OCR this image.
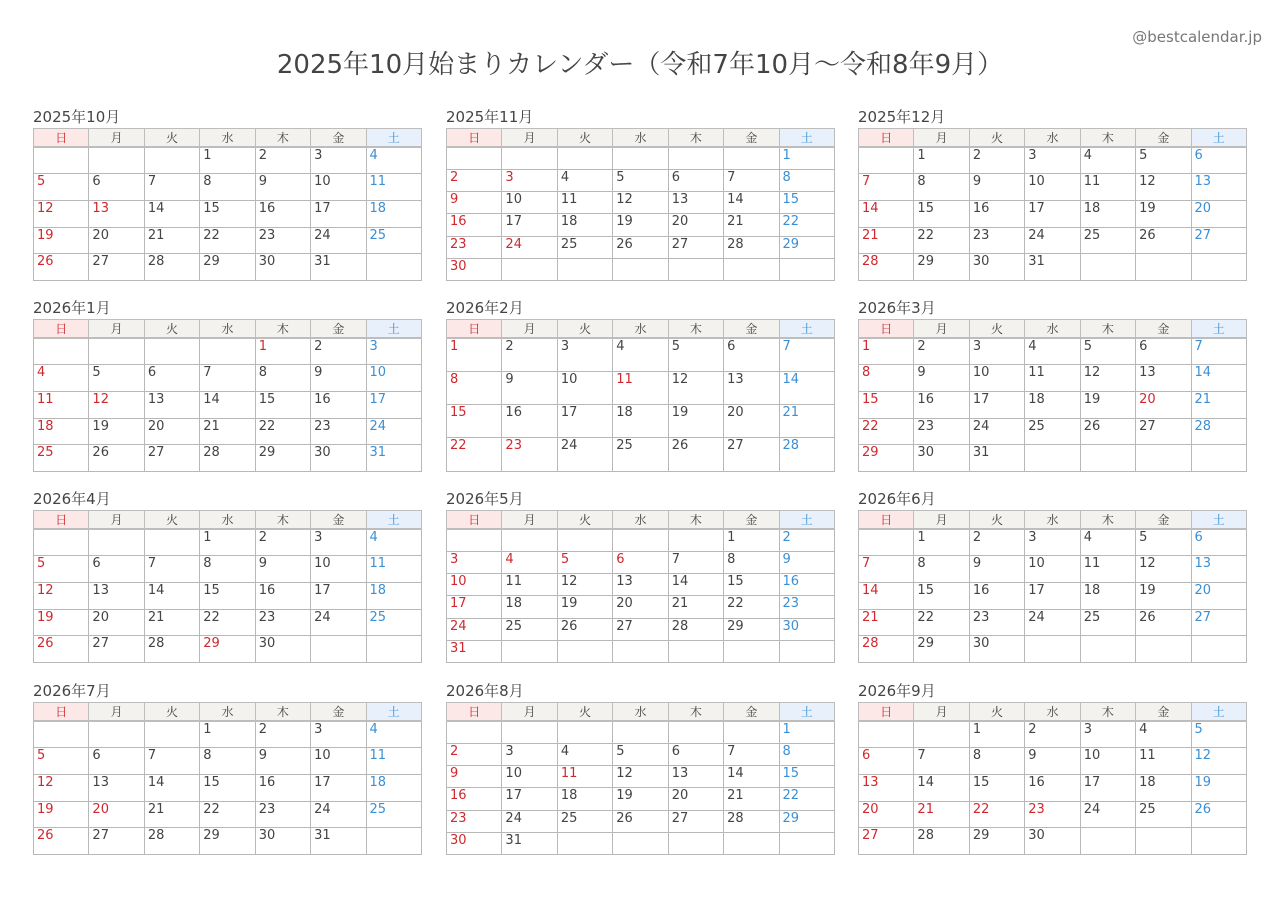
2025年10月始まりカレンダー（令和7年10月～令和8年9月）
@bestcalendar.jp
2025年10月
日	月	火	水	木	金	土
			1	2	3	4
5	6	7	8	9	10	11
12	13	14	15	16	17	18
19	20	21	22	23	24	25
26	27	28	29	30	31	
2025年11月
日	月	火	水	木	金	土
						1
2	3	4	5	6	7	8
9	10	11	12	13	14	15
16	17	18	19	20	21	22
23	24	25	26	27	28	29
30						
2025年12月
日	月	火	水	木	金	土
	1	2	3	4	5	6
7	8	9	10	11	12	13
14	15	16	17	18	19	20
21	22	23	24	25	26	27
28	29	30	31			
2026年1月
日	月	火	水	木	金	土
				1	2	3
4	5	6	7	8	9	10
11	12	13	14	15	16	17
18	19	20	21	22	23	24
25	26	27	28	29	30	31
2026年2月
日	月	火	水	木	金	土
1	2	3	4	5	6	7
8	9	10	11	12	13	14
15	16	17	18	19	20	21
22	23	24	25	26	27	28
2026年3月
日	月	火	水	木	金	土
1	2	3	4	5	6	7
8	9	10	11	12	13	14
15	16	17	18	19	20	21
22	23	24	25	26	27	28
29	30	31				
2026年4月
日	月	火	水	木	金	土
			1	2	3	4
5	6	7	8	9	10	11
12	13	14	15	16	17	18
19	20	21	22	23	24	25
26	27	28	29	30		
2026年5月
日	月	火	水	木	金	土
					1	2
3	4	5	6	7	8	9
10	11	12	13	14	15	16
17	18	19	20	21	22	23
24	25	26	27	28	29	30
31						
2026年6月
日	月	火	水	木	金	土
	1	2	3	4	5	6
7	8	9	10	11	12	13
14	15	16	17	18	19	20
21	22	23	24	25	26	27
28	29	30				
2026年7月
日	月	火	水	木	金	土
			1	2	3	4
5	6	7	8	9	10	11
12	13	14	15	16	17	18
19	20	21	22	23	24	25
26	27	28	29	30	31	
2026年8月
日	月	火	水	木	金	土
						1
2	3	4	5	6	7	8
9	10	11	12	13	14	15
16	17	18	19	20	21	22
23	24	25	26	27	28	29
30	31					
2026年9月
日	月	火	水	木	金	土
		1	2	3	4	5
6	7	8	9	10	11	12
13	14	15	16	17	18	19
20	21	22	23	24	25	26
27	28	29	30			
